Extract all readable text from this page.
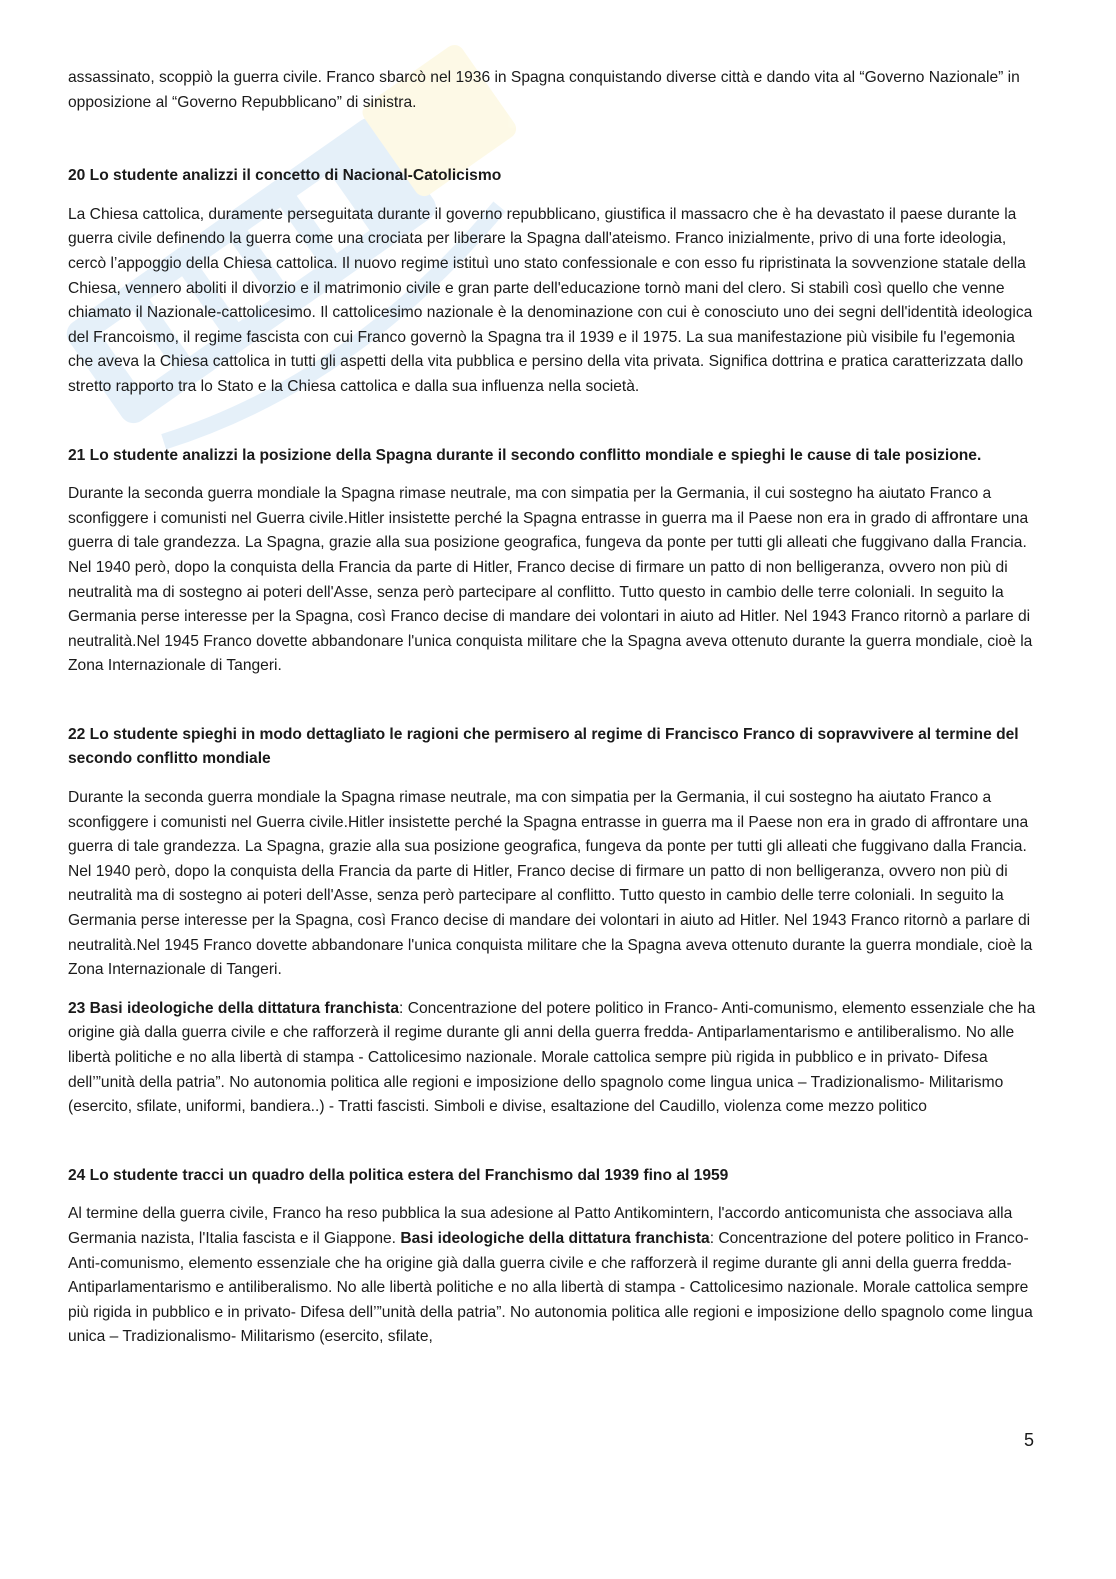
assassinato, scoppiò la guerra civile. Franco sbarcò nel 1936 in Spagna conquistando diverse città e dando vita al “Governo Nazionale” in opposizione al “Governo Repubblicano” di sinistra.

20 Lo studente analizzi il concetto di Nacional-Catolicismo

La Chiesa cattolica, duramente perseguitata durante il governo repubblicano, giustifica il massacro che è ha devastato il paese durante la guerra civile definendo la guerra come una crociata per liberare la Spagna dall'ateismo. Franco inizialmente, privo di una forte ideologia, cercò l’appoggio della Chiesa cattolica. Il nuovo regime istituì uno stato confessionale e con esso fu ripristinata la sovvenzione statale della Chiesa, vennero aboliti il divorzio e il matrimonio civile e gran parte dell'educazione tornò mani del clero. Si stabilì così quello che venne chiamato il Nazionale-cattolicesimo. Il cattolicesimo nazionale è la denominazione con cui è conosciuto uno dei segni dell'identità ideologica del Francoismo, il regime fascista con cui Franco governò la Spagna tra il 1939 e il 1975. La sua manifestazione più visibile fu l'egemonia che aveva la Chiesa cattolica in tutti gli aspetti della vita pubblica e persino della vita privata. Significa dottrina e pratica caratterizzata dallo stretto rapporto tra lo Stato e la Chiesa cattolica e dalla sua influenza nella società.

21 Lo studente analizzi la posizione della Spagna durante il secondo conflitto mondiale e spieghi le cause di tale posizione.

Durante la seconda guerra mondiale la Spagna rimase neutrale, ma con simpatia per la Germania, il cui sostegno ha aiutato Franco a sconfiggere i comunisti nel Guerra civile.Hitler insistette perché la Spagna entrasse in guerra ma il Paese non era in grado di affrontare una guerra di tale grandezza. La Spagna, grazie alla sua posizione geografica, fungeva da ponte per tutti gli alleati che fuggivano dalla Francia. Nel 1940 però, dopo la conquista della Francia da parte di Hitler, Franco decise di firmare un patto di non belligeranza, ovvero non più di neutralità ma di sostegno ai poteri dell'Asse, senza però partecipare al conflitto. Tutto questo in cambio delle terre coloniali. In seguito la Germania perse interesse per la Spagna, così Franco decise di mandare dei volontari in aiuto ad Hitler. Nel 1943 Franco ritornò a parlare di neutralità.Nel 1945 Franco dovette abbandonare l'unica conquista militare che la Spagna aveva ottenuto durante la guerra mondiale, cioè la Zona Internazionale di Tangeri.

22 Lo studente spieghi in modo dettagliato le ragioni che permisero al regime di Francisco Franco di sopravvivere al termine del secondo conflitto mondiale

Durante la seconda guerra mondiale la Spagna rimase neutrale, ma con simpatia per la Germania, il cui sostegno ha aiutato Franco a sconfiggere i comunisti nel Guerra civile.Hitler insistette perché la Spagna entrasse in guerra ma il Paese non era in grado di affrontare una guerra di tale grandezza. La Spagna, grazie alla sua posizione geografica, fungeva da ponte per tutti gli alleati che fuggivano dalla Francia. Nel 1940 però, dopo la conquista della Francia da parte di Hitler, Franco decise di firmare un patto di non belligeranza, ovvero non più di neutralità ma di sostegno ai poteri dell'Asse, senza però partecipare al conflitto. Tutto questo in cambio delle terre coloniali. In seguito la Germania perse interesse per la Spagna, così Franco decise di mandare dei volontari in aiuto ad Hitler. Nel 1943 Franco ritornò a parlare di neutralità.Nel 1945 Franco dovette abbandonare l'unica conquista militare che la Spagna aveva ottenuto durante la guerra mondiale, cioè la Zona Internazionale di Tangeri.

23 Basi ideologiche della dittatura franchista: Concentrazione del potere politico in Franco- Anti-comunismo, elemento essenziale che ha origine già dalla guerra civile e che rafforzerà il regime durante gli anni della guerra fredda- Antiparlamentarismo e antiliberalismo. No alle libertà politiche e no alla libertà di stampa - Cattolicesimo nazionale. Morale cattolica sempre più rigida in pubblico e in privato- Difesa dell’”unità della patria”. No autonomia politica alle regioni e imposizione dello spagnolo come lingua unica – Tradizionalismo- Militarismo (esercito, sfilate, uniformi, bandiera..) - Tratti fascisti. Simboli e divise, esaltazione del Caudillo, violenza come mezzo politico

24 Lo studente tracci un quadro della politica estera del Franchismo dal 1939 fino al 1959

Al termine della guerra civile, Franco ha reso pubblica la sua adesione al Patto Antikomintern, l'accordo anticomunista che associava alla Germania nazista, l'Italia fascista e il Giappone. Basi ideologiche della dittatura franchista: Concentrazione del potere politico in Franco- Anti-comunismo, elemento essenziale che ha origine già dalla guerra civile e che rafforzerà il regime durante gli anni della guerra fredda- Antiparlamentarismo e antiliberalismo. No alle libertà politiche e no alla libertà di stampa - Cattolicesimo nazionale. Morale cattolica sempre più rigida in pubblico e in privato- Difesa dell’”unità della patria”. No autonomia politica alle regioni e imposizione dello spagnolo come lingua unica – Tradizionalismo- Militarismo (esercito, sfilate,

5
